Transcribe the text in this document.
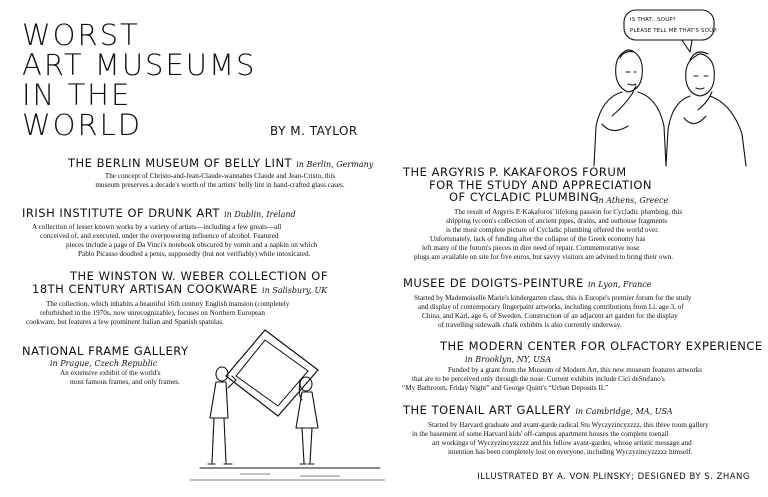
WORST
ART MUSEUMS
IN THE
WORLD	BY M. TAYLOR
THE BERLIN MUSEUM OF BELLY LINT in Berlin, Germany
The concept of Christo-and-Jean-Claude-wannabes Claude and Jean-Cristo, this
museum preserves a decade's worth of the artists' belly lint in hand-crafted glass cases.
IRISH INSTITUTE OF DRUNK ART in Dublin, Ireland
A collection of lesser known works by a variety of artists—including a few greats—all
conceived of, and executed, under the overpowering influence of alcohol. Featured
pieces include a page of Da Vinci's notebook obscured by vomit and a napkin on which
Pablo Picasso doodled a penis, supposedly (but not verifiably) while intoxicated.
THE WINSTON W. WEBER COLLECTION OF
18TH CENTURY ARTISAN COOKWARE in Salisbury, UK
The collection, which inhabits a beautiful 16th century English mansion (completely
refurbished in the 1970s, now unrecognizable), focuses on Northern European
cookware, but features a few prominent Italian and Spanish spatulas.
NATIONAL FRAME GALLERY
in Prague, Czech Republic
An extensive exhibit of the world's
most famous frames, and only frames.
THE ARGYRIS P. KAKAFOROS FORUM
FOR THE STUDY AND APPRECIATION
OF CYCLADIC PLUMBING
in Athens, Greece
The result of Argyris P. Kakaforos' lifelong passion for Cycladic plumbing, this
shipping tycoon's collection of ancient pipes, drains, and outhouse fragments
is the most complete picture of Cycladic plumbing offered the world over.
Unfortunately, lack of funding after the collapse of the Greek economy has
left many of the forum's pieces in dire need of repair. Commemorative nose
plugs are available on site for five euros, but savvy visitors are advised to bring their own.
MUSEE DE DOIGTS-PEINTURE in Lyon, France
Started by Mademoiselle Marie's kindergarten class, this is Europe's premier forum for the study
and display of contemporary fingerpaint artworks, including contributions from Li, age 3, of
China, and Karl, age 6, of Sweden. Construction of an adjacent art garden for the display
of travelling sidewalk chalk exhibits is also currently underway.
THE MODERN CENTER FOR OLFACTORY EXPERIENCE
in Brooklyn, NY, USA
Funded by a grant from the Museum of Modern Art, this new museum features artworks
that are to be perceived only through the nose. Current exhibits include Cici deStefano's
“My Bathroom, Friday Night” and George Quint's “Urban Deposits II.”
THE TOENAIL ART GALLERY in Cambridge, MA, USA
Started by Harvard graduate and avant-garde radical Stu Wyczyzincyzzzz, this three room gallery
in the basement of some Harvard kids' off-campus apartment houses the complete toenail
art workings of Wyczyzincyzzzzz and his fellow avant-gardes, whose artistic message and
intention has been completely lost on everyone, including Wyczyzincyzzzzz himself.
ILLUSTRATED BY A. VON PLINSKY; DESIGNED BY S. ZHANG
IS THAT...SOUP?
PLEASE TELL ME THAT'S SOUP.
